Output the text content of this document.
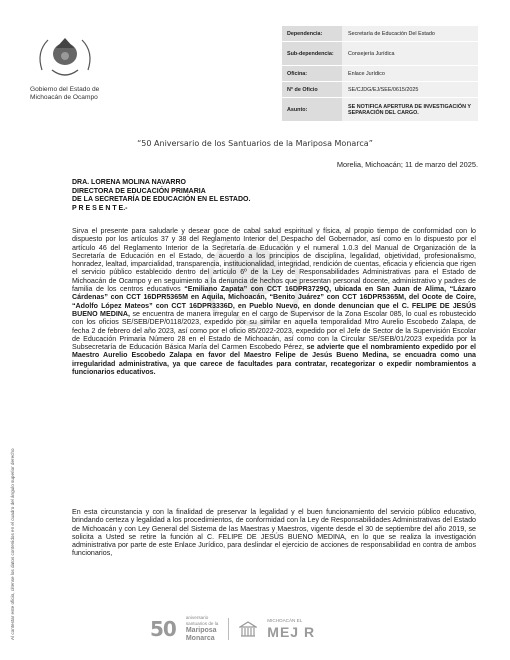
Gobierno del Estado de Michoacán de Ocampo
Dependencia:	Secretaría de Educación Del Estado
Sub-dependencia:	Consejería Jurídica
Oficina:	Enlace Jurídico
N° de Oficio	SE/CJDG/EJ/SEE/0615/2025
Asunto:	SE NOTIFICA APERTURA DE INVESTIGACIÓN Y SEPARACIÓN DEL CARGO.
“50 Aniversario de los Santuarios de la Mariposa Monarca”
Morelia, Michoacán; 11 de marzo del 2025.
DRA. LORENA MOLINA NAVARRO
DIRECTORA DE EDUCACIÓN PRIMARIA
DE LA SECRETARÍA DE EDUCACIÓN EN EL ESTADO.
P R E S E N T E.-
Sirva el presente para saludarle y desear goce de cabal salud espiritual y física, al propio tiempo de conformidad con lo dispuesto por los artículos 37 y 38 del Reglamento Interior del Despacho del Gobernador, así como en lo dispuesto por el artículo 46 del Reglamento Interior de la Secretaría de Educación y el numeral 1.0.3 del Manual de Organización de la Secretaría de Educación en el Estado, de acuerdo a los principios de disciplina, legalidad, objetividad, profesionalismo, honradez, lealtad, imparcialidad, transparencia, institucionalidad, integridad, rendición de cuentas, eficacia y eficiencia que rigen el servicio público establecido dentro del artículo 6º de la Ley de Responsabilidades Administrativas para el Estado de Michoacán de Ocampo y en seguimiento a la denuncia de hechos que presentan personal docente, administrativo y padres de familia de los centros educativos “Emiliano Zapata” con CCT 16DPR3729Q, ubicada en San Juan de Alima, “Lázaro Cárdenas” con CCT 16DPR5365M en Aquila, Michoacán, “Benito Juárez” con CCT 16DPR5365M, del Ocote de Coire, “Adolfo López Mateos” con CCT 16DPR3336D, en Pueblo Nuevo, en donde denuncian que el C. FELIPE DE JESÚS BUENO MEDINA, se encuentra de manera irregular en el cargo de Supervisor de la Zona Escolar 085, lo cual es robustecido con los oficios SE/SEB/DEP/0118/2023, expedido por su similar en aquella temporalidad Mtro Aurelio Escobedo Zalapa, de fecha 2 de febrero del año 2023, así como por el oficio 85/2022-2023, expedido por el Jefe de Sector de la Supervisión Escolar de Educación Primaria Número 28 en el Estado de Michoacán, así como con la Circular SE/SEB/01/2023 expedida por la Subsecretaría de Educación Básica María del Carmen Escobedo Pérez, se advierte que el nombramiento expedido por el Maestro Aurelio Escobedo Zalapa en favor del Maestro Felipe de Jesús Bueno Medina, se encuadra como una irregularidad administrativa, ya que carece de facultades para contratar, recategorizar o expedir nombramientos a funcionarios educativos.
En esta circunstancia y con la finalidad de preservar la legalidad y el buen funcionamiento del servicio público educativo, brindando certeza y legalidad a los procedimientos, de conformidad con la Ley de Responsabilidades Administrativas del Estado de Michoacán y con Ley General del Sistema de las Maestras y Maestros, vigente desde el 30 de septiembre del año 2019, se solicita a Usted se retire la función al C. FELIPE DE JESÚS BUENO MEDINA, en lo que se realiza la investigación administrativa por parte de este Enlace Jurídico, para deslindar el ejercicio de acciones de responsabilidad en contra de ambos funcionarios,
Al contestar este oficio, cítense los datos contenidos en el cuadro del ángulo superior derecho	50 aniversario
santuarios de la
Mariposa
Monarca
MICHOACÁN EL
MEJ R
